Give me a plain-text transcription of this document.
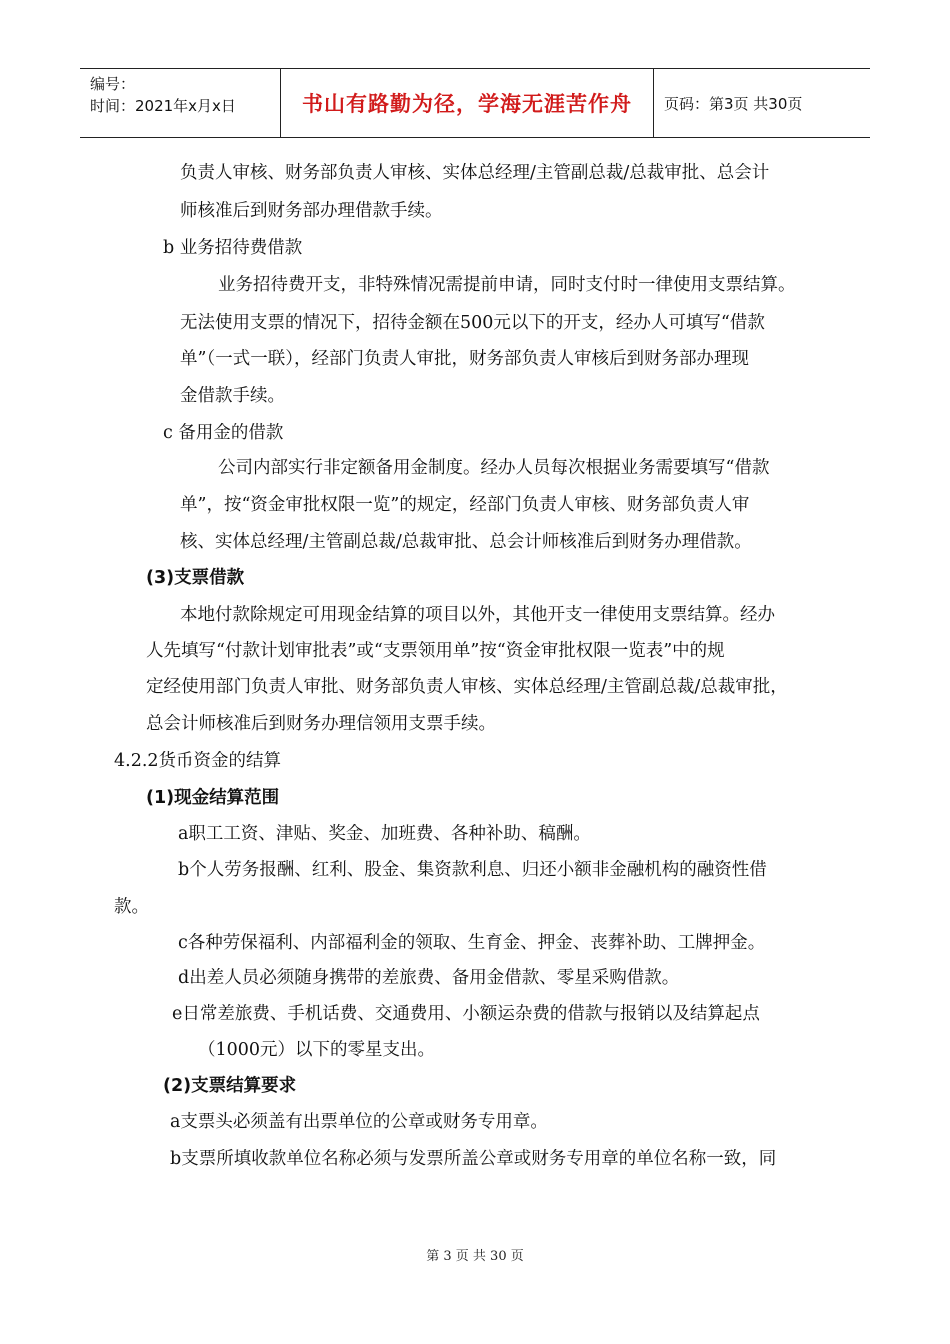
编号：
时间：2021年x月x日	书山有路勤为径，学海无涯苦作舟 页码：第3页 共30页
负责人审核、财务部负责人审核、实体总经理/主管副总裁/总裁审批、总会计
师核准后到财务部办理借款手续。
b 业务招待费借款
业务招待费开支，非特殊情况需提前申请，同时支付时一律使用支票结算。
无法使用支票的情况下，招待金额在500元以下的开支，经办人可填写“借款
单”（一式一联），经部门负责人审批，财务部负责人审核后到财务部办理现
金借款手续。
c 备用金的借款
公司内部实行非定额备用金制度。经办人员每次根据业务需要填写“借款
单”，按“资金审批权限一览”的规定，经部门负责人审核、财务部负责人审
核、实体总经理/主管副总裁/总裁审批、总会计师核准后到财务办理借款。
(3)支票借款
本地付款除规定可用现金结算的项目以外，其他开支一律使用支票结算。经办
人先填写“付款计划审批表”或“支票领用单”按“资金审批权限一览表”中的规
定经使用部门负责人审批、财务部负责人审核、实体总经理/主管副总裁/总裁审批，
总会计师核准后到财务办理信领用支票手续。
4.2.2货币资金的结算
(1)现金结算范围
a职工工资、津贴、奖金、加班费、各种补助、稿酬。
b个人劳务报酬、红利、股金、集资款利息、归还小额非金融机构的融资性借
款。
c各种劳保福利、内部福利金的领取、生育金、押金、丧葬补助、工牌押金。
d出差人员必须随身携带的差旅费、备用金借款、零星采购借款。
e日常差旅费、手机话费、交通费用、小额运杂费的借款与报销以及结算起点
（1000元）以下的零星支出。
(2)支票结算要求
a支票头必须盖有出票单位的公章或财务专用章。
b支票所填收款单位名称必须与发票所盖公章或财务专用章的单位名称一致，同
第 3 页 共 30 页
